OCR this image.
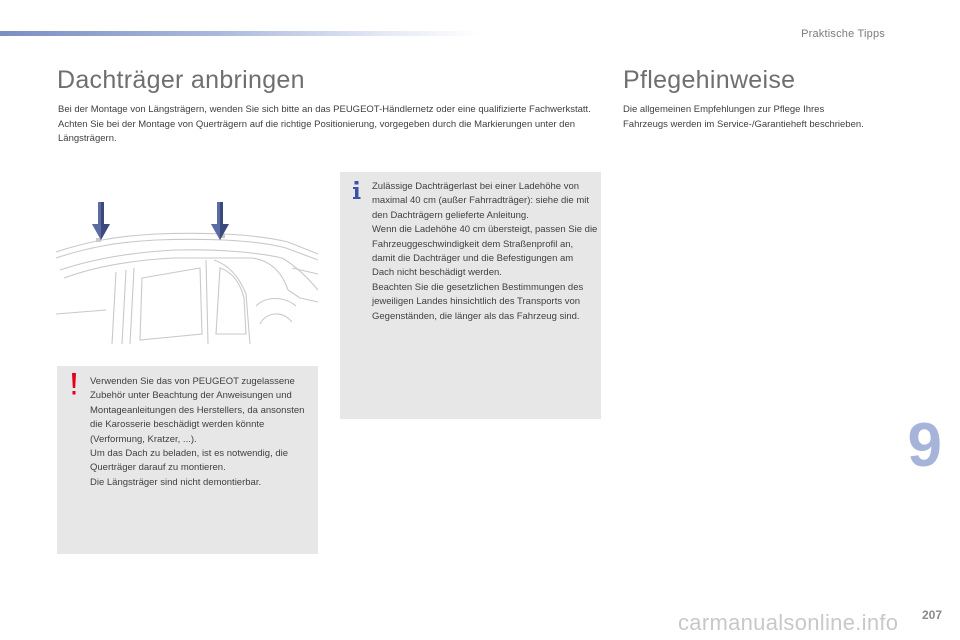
Praktische Tipps
Dachträger anbringen

Bei der Montage von Längsträgern, wenden Sie sich bitte an das PEUGEOT-Händlernetz oder eine qualifizierte Fachwerkstatt.

Achten Sie bei der Montage von Querträgern auf die richtige Positionierung, vorgegeben durch die Markierungen unter den Längsträgern.

Verwenden Sie das von PEUGEOT zugelassene Zubehör unter Beachtung der Anweisungen und Montageanleitungen des Herstellers, da ansonsten die Karosserie beschädigt werden könnte (Verformung, Kratzer, ...).

Um das Dach zu beladen, ist es notwendig, die Querträger darauf zu montieren.

Die Längsträger sind nicht demontierbar.

Zulässige Dachträgerlast bei einer Ladehöhe von maximal 40 cm (außer Fahrradträger): siehe die mit den Dachträgern gelieferte Anleitung.

Wenn die Ladehöhe 40 cm übersteigt, passen Sie die Fahrzeuggeschwindigkeit dem Straßenprofil an, damit die Dachträger und die Befestigungen am Dach nicht beschädigt werden.

Beachten Sie die gesetzlichen Bestimmungen des jeweiligen Landes hinsichtlich des Transports von Gegenständen, die länger als das Fahrzeug sind.

Pflegehinweise

Die allgemeinen Empfehlungen zur Pflege Ihres Fahrzeugs werden im Service-/Garantieheft beschrieben.

9
207
carmanualsonline.info
